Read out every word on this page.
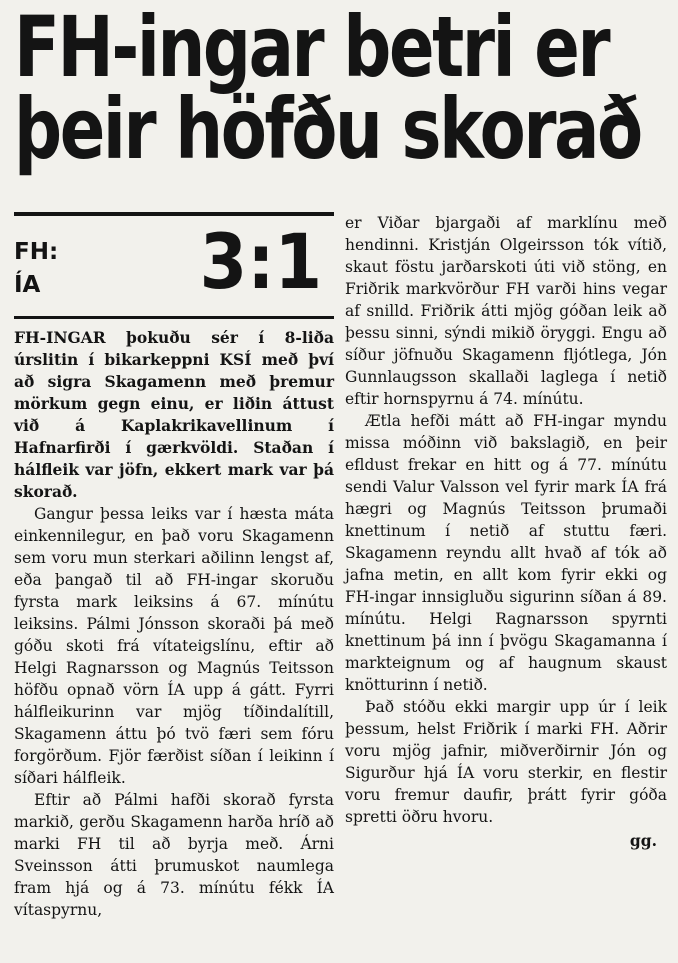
FH-ingar betri er
þeir höfðu skorað
FH:
ÍA 3:1

FH-INGAR þokuðu sér í 8-liða úrslitin í bikarkeppni KSÍ með því að sigra Skagamenn með þremur mörkum gegn einu, er liðin áttust við á Kaplakrikavellinum í Hafnarfirði í gærkvöldi. Staðan í hálfleik var jöfn, ekkert mark var þá skorað.

Gangur þessa leiks var í hæsta máta einkennilegur, en það voru Skagamenn sem voru mun sterkari aðilinn lengst af, eða þangað til að FH-ingar skoruðu fyrsta mark leiksins á 67. mínútu leiksins. Pálmi Jónsson skoraði þá með góðu skoti frá vítateigslínu, eftir að Helgi Ragnarsson og Magnús Teitsson höfðu opnað vörn ÍA upp á gátt. Fyrri hálfleikurinn var mjög tíðindalítill, Skagamenn áttu þó tvö færi sem fóru forgörðum. Fjör færðist síðan í leikinn í síðari hálfleik.

Eftir að Pálmi hafði skorað fyrsta markið, gerðu Skagamenn harða hríð að marki FH til að byrja með. Árni Sveinsson átti þrumuskot naumlega fram hjá og á 73. mínútu fékk ÍA vítaspyrnu,

er Viðar bjargaði af marklínu með hendinni. Kristján Olgeirsson tók vítið, skaut föstu jarðarskoti úti við stöng, en Friðrik markvörður FH varði hins vegar af snilld. Friðrik átti mjög góðan leik að þessu sinni, sýndi mikið öryggi. Engu að síður jöfnuðu Skagamenn fljótlega, Jón Gunnlaugsson skallaði laglega í netið eftir hornspyrnu á 74. mínútu.

Ætla hefði mátt að FH-ingar myndu missa móðinn við bakslagið, en þeir efldust frekar en hitt og á 77. mínútu sendi Valur Valsson vel fyrir mark ÍA frá hægri og Magnús Teitsson þrumaði knettinum í netið af stuttu færi. Skagamenn reyndu allt hvað af tók að jafna metin, en allt kom fyrir ekki og FH-ingar innsigluðu sigurinn síðan á 89. mínútu. Helgi Ragnarsson spyrnti knettinum þá inn í þvögu Skagamanna í markteignum og af haugnum skaust knötturinn í netið.

Það stóðu ekki margir upp úr í leik þessum, helst Friðrik í marki FH. Aðrir voru mjög jafnir, miðverðirnir Jón og Sigurður hjá ÍA voru sterkir, en flestir voru fremur daufir, þrátt fyrir góða spretti öðru hvoru.

gg.
